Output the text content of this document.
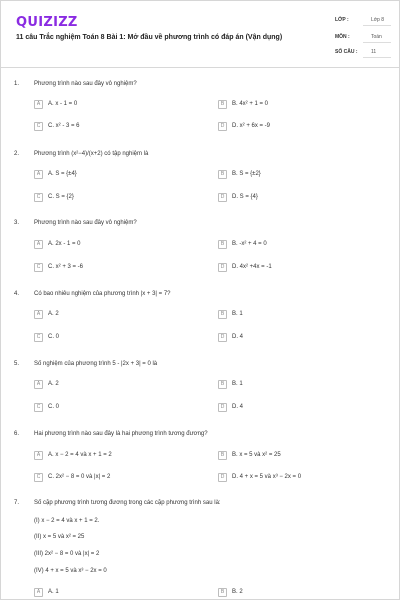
QUIZIZZ
11 câu Trắc nghiệm Toán 8 Bài 1: Mở đầu về phương trình có đáp án (Vận dụng)
LỚP :	Lớp 8
MÔN :	Toán
SỐ CÂU :	11
1. Phương trình nào sau đây vô nghiệm?
A	A. x - 1 = 0	B	B. 4x² + 1 = 0
C	C. x² - 3 = 6	D	D. x² + 6x = -9
2. Phương trình (x²−4)/(x+2) có tập nghiệm là
A	A. S = {±4}	B	B. S = {±2}
C	C. S = {2}	D	D. S = {4}
3. Phương trình nào sau đây vô nghiệm?
A	A. 2x - 1 = 0	B	B. -x² + 4 = 0
C	C. x² + 3 = -6	D	D. 4x² +4x = -1
4. Có bao nhiêu nghiệm của phương trình |x + 3| = 7?
A	A. 2	B	B. 1
C	C. 0	D	D. 4
5. Số nghiệm của phương trình 5 - |2x + 3| = 0 là
A	A. 2	B	B. 1
C	C. 0	D	D. 4
6. Hai phương trình nào sau đây là hai phương trình tương đương?
A	A. x − 2 = 4 và x + 1 = 2	B	B. x = 5 và x² = 25
C	C. 2x² − 8 = 0 và |x| = 2	D	D. 4 + x = 5 và x³ − 2x = 0
7. Số cặp phương trình tương đương trong các cặp phương trình sau là:
(I) x − 2 = 4 và x + 1 = 2.
(II) x = 5 và x² = 25
(III) 2x² − 8 = 0 và |x| = 2
(IV) 4 + x = 5 và x³ − 2x = 0
A	A. 1	B	B. 2
